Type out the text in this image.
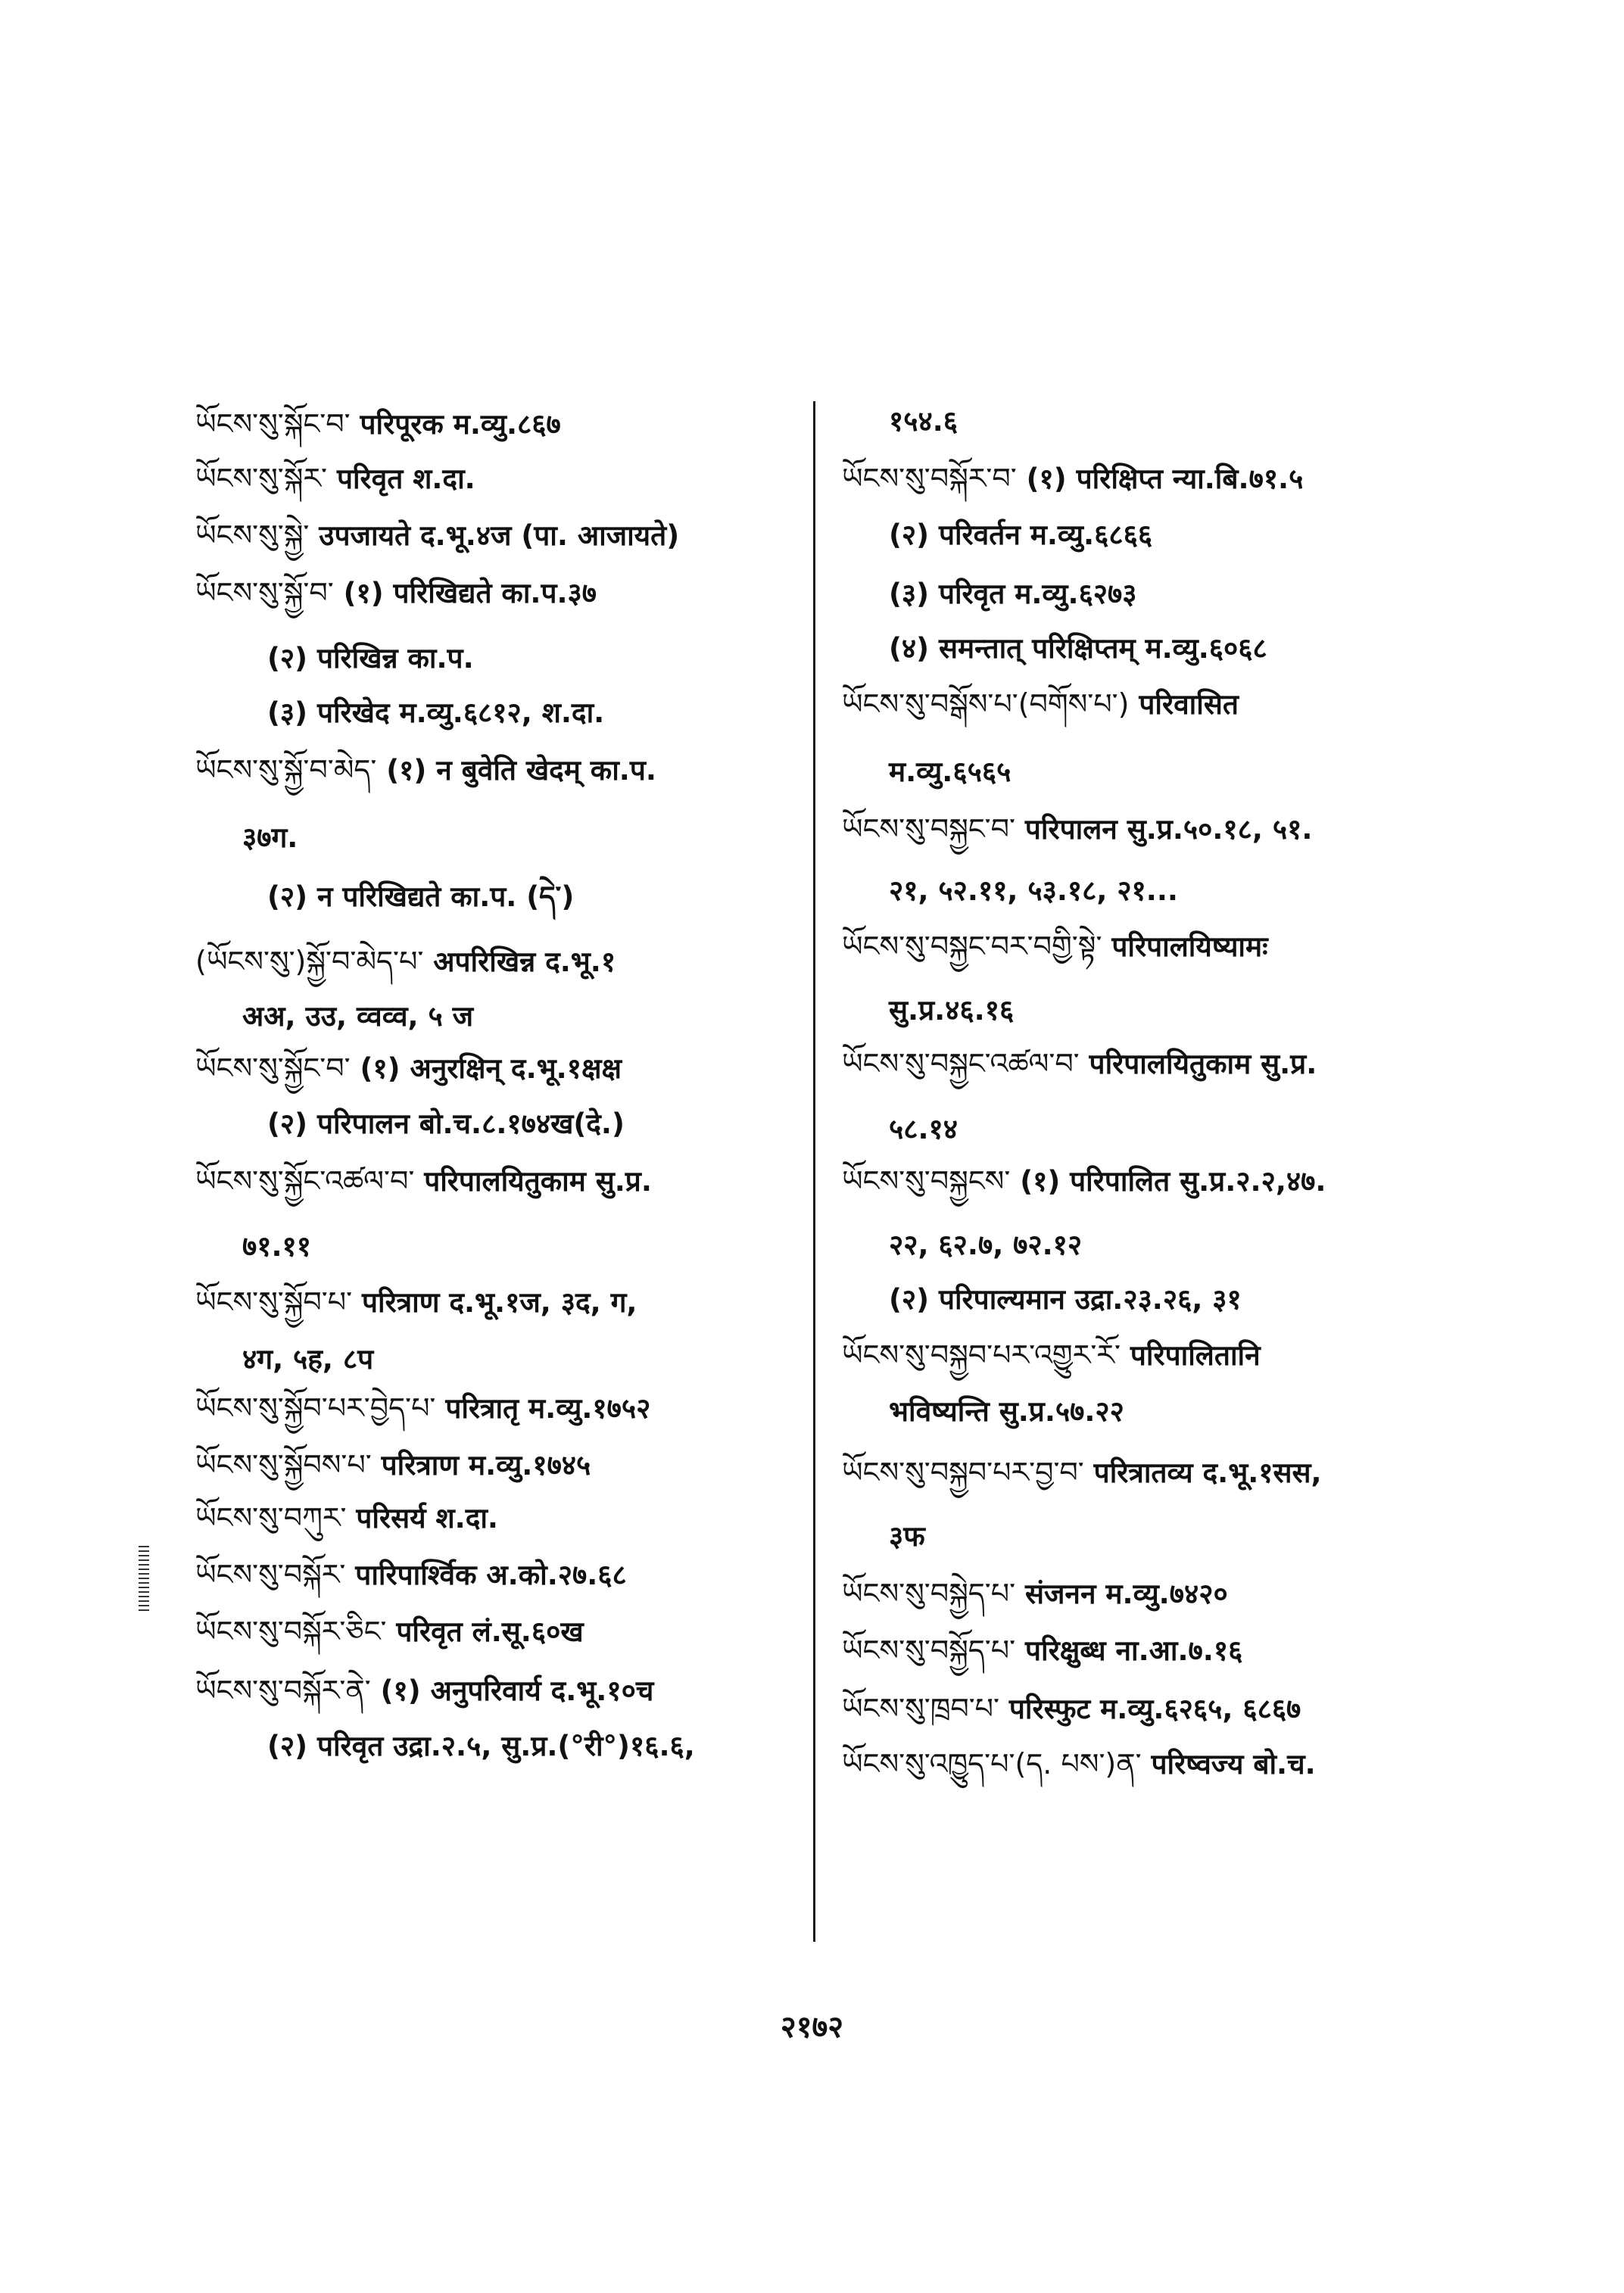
ཡོངས་སུ་སྐོང་བ་ परिपूरक म.व्यु.८६७
ཡོངས་སུ་སྐོར་ परिवृत श.दा.
ཡོངས་སུ་སྐྱེ་ उपजायते द.भू.४ज (पा. आजायते)
ཡོངས་སུ་སྐྱོ་བ་ (१) परिखिद्यते का.प.३७
(२) परिखिन्न का.प.
(३) परिखेद म.व्यु.६८१२, श.दा.
ཡོངས་སུ་སྐྱོ་བ་མེད་ (१) न बुवेति खेदम् का.प.
३७ग.
(२) न परिखिद्यते का.प. (དེ་)
(ཡོངས་སུ་)སྐྱོ་བ་མེད་པ་ अपरिखिन्न द.भू.१
अअ, उउ, व्वव्व, ५ ज
ཡོངས་སུ་སྐྱོང་བ་ (१) अनुरक्षिन् द.भू.१क्षक्ष
(२) परिपालन बो.च.८.१७४ख(दे.)
ཡོངས་སུ་སྐྱོང་འཚལ་བ་ परिपालयितुकाम सु.प्र.
७१.११
ཡོངས་སུ་སྐྱོབ་པ་ परित्राण द.भू.१ज, ३द, ग,
४ग, ५ह, ८प
ཡོངས་སུ་སྐྱོབ་པར་བྱེད་པ་ परित्रातृ म.व्यु.१७५२
ཡོངས་སུ་སྐྱོབས་པ་ परित्राण म.व्यु.१७४५
ཡོངས་སུ་བཀུར་ परिसर्य श.दा.
ཡོངས་སུ་བསྐོར་ पारिपार्श्विक अ.को.२७.६८
ཡོངས་སུ་བསྐོར་ཅིང་ परिवृत लं.सू.६०ख
ཡོངས་སུ་བསྐོར་ནེ་ (१) अनुपरिवार्य द.भू.१०च
(२) परिवृत उद्रा.२.५, सु.प्र.(°री°)१६.६,
१५४.६
ཡོངས་སུ་བསྐོར་བ་ (१) परिक्षिप्त न्या.बि.७१.५
(२) परिवर्तन म.व्यु.६८६६
(३) परिवृत म.व्यु.६२७३
(४) समन्तात् परिक्षिप्तम् म.व्यु.६०६८
ཡོངས་སུ་བསྒོས་པ་(བགོས་པ་) परिवासित
म.व्यु.६५६५
ཡོངས་སུ་བསྐྱང་བ་ परिपालन सु.प्र.५०.१८, ५१.
२१, ५२.११, ५३.१८, २१...
ཡོངས་སུ་བསྐྱང་བར་བགྱི་སྟེ་ परिपालयिष्यामः
सु.प्र.४६.१६
ཡོངས་སུ་བསྐྱང་འཚལ་བ་ परिपालयितुकाम सु.प्र.
५८.१४
ཡོངས་སུ་བསྐྱངས་ (१) परिपालित सु.प्र.२.२,४७.
२२, ६२.७, ७२.१२
(२) परिपाल्यमान उद्रा.२३.२६, ३१
ཡོངས་སུ་བསྐྱབ་པར་འགྱུར་རོ་ परिपालितानि
भविष्यन्ति सु.प्र.५७.२२
ཡོངས་སུ་བསྐྱབ་པར་བྱ་བ་ परित्रातव्य द.भू.१सस,
३फ
ཡོངས་སུ་བསྐྱེད་པ་ संजनन म.व्यु.७४२०
ཡོངས་སུ་བསྐྱོད་པ་ परिक्षुब्ध ना.आ.७.१६
ཡོངས་སུ་ཁྲབ་པ་ परिस्फुट म.व्यु.६२६५, ६८६७
ཡོངས་སུ་འཁྱུད་པ་(ད. པས་)ན་ परिष्वज्य बो.च.
२१७२
